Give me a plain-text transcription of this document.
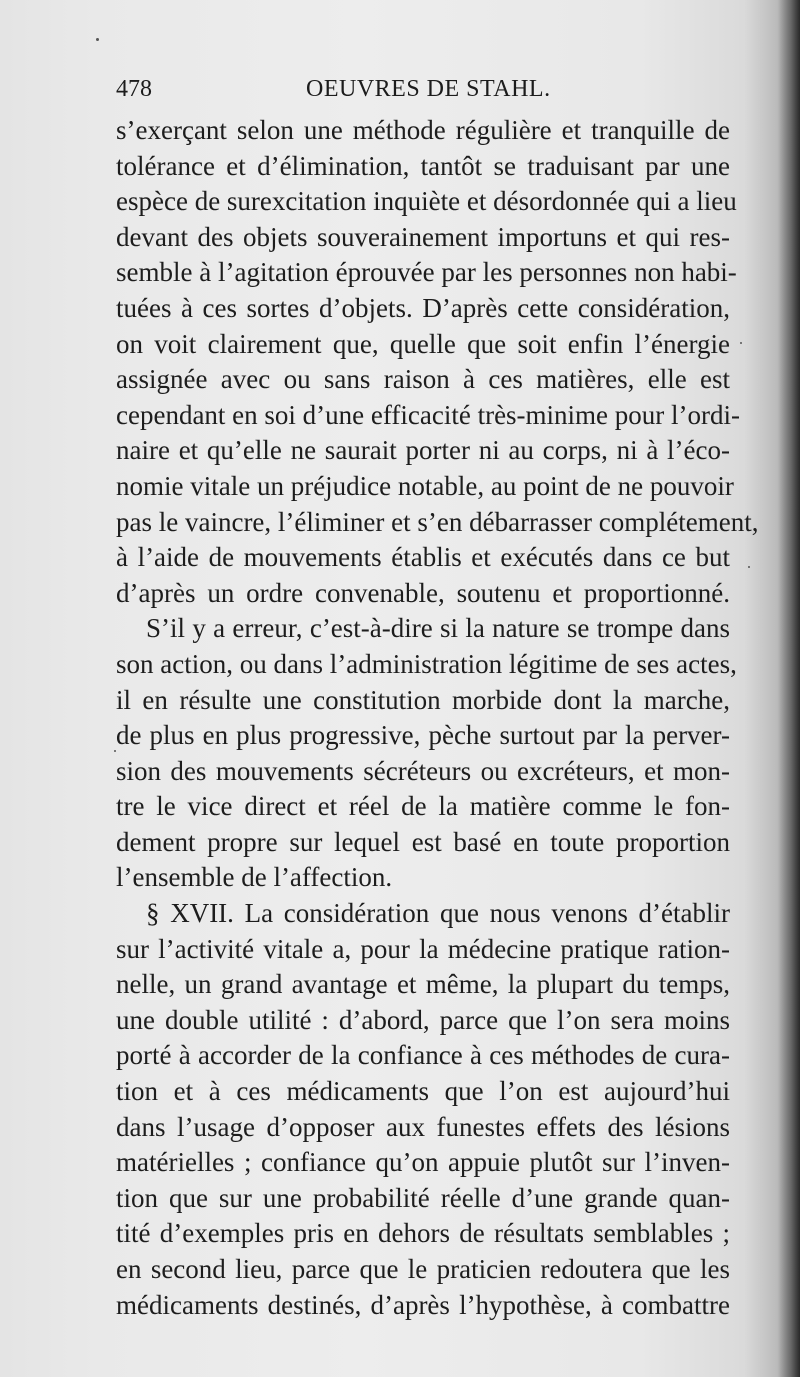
478	OEUVRES DE STAHL.
s’exerçant selon une méthode régulière et tranquille de
tolérance et d’élimination, tantôt se traduisant par une
espèce de surexcitation inquiète et désordonnée qui a lieu
devant des objets souverainement importuns et qui res-
semble à l’agitation éprouvée par les personnes non habi-
tuées à ces sortes d’objets. D’après cette considération,
on voit clairement que, quelle que soit enfin l’énergie
assignée avec ou sans raison à ces matières, elle est
cependant en soi d’une efficacité très-minime pour l’ordi-
naire et qu’elle ne saurait porter ni au corps, ni à l’éco-
nomie vitale un préjudice notable, au point de ne pouvoir
pas le vaincre, l’éliminer et s’en débarrasser complétement,
à l’aide de mouvements établis et exécutés dans ce but
d’après un ordre convenable, soutenu et proportionné.
S’il y a erreur, c’est-à-dire si la nature se trompe dans
son action, ou dans l’administration légitime de ses actes,
il en résulte une constitution morbide dont la marche,
de plus en plus progressive, pèche surtout par la perver-
sion des mouvements sécréteurs ou excréteurs, et mon-
tre le vice direct et réel de la matière comme le fon-
dement propre sur lequel est basé en toute proportion
l’ensemble de l’affection.
§ XVII. La considération que nous venons d’établir
sur l’activité vitale a, pour la médecine pratique ration-
nelle, un grand avantage et même, la plupart du temps,
une double utilité : d’abord, parce que l’on sera moins
porté à accorder de la confiance à ces méthodes de cura-
tion et à ces médicaments que l’on est aujourd’hui
dans l’usage d’opposer aux funestes effets des lésions
matérielles ; confiance qu’on appuie plutôt sur l’inven-
tion que sur une probabilité réelle d’une grande quan-
tité d’exemples pris en dehors de résultats semblables ;
en second lieu, parce que le praticien redoutera que les
médicaments destinés, d’après l’hypothèse, à combattre
